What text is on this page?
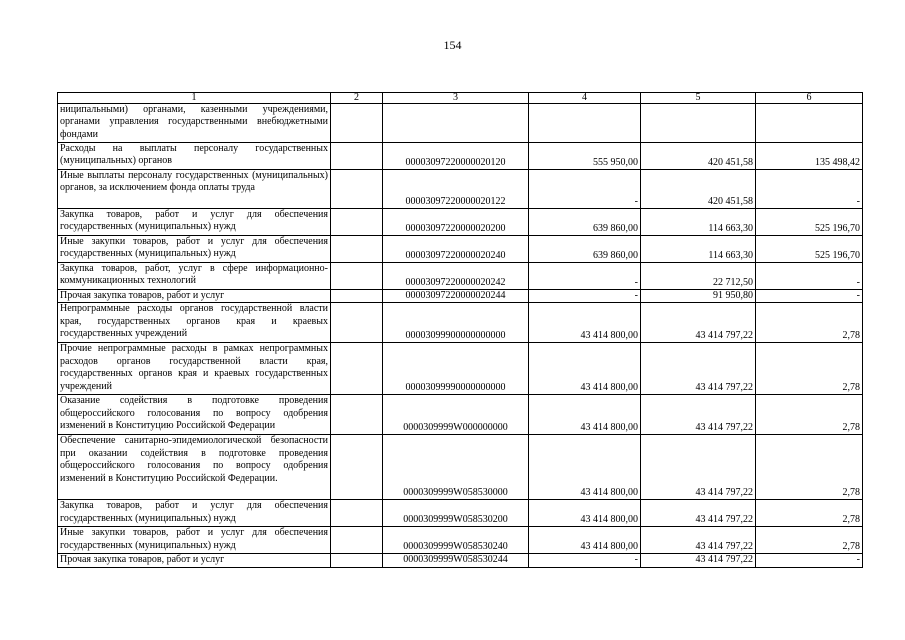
154
1	2	3	4	5	6
ниципальными) органами, казенными учреждениями, органами управления государственными внебюджетными фондами					
Расходы на выплаты персоналу государственных (муниципальных) органов		00003097220000020120	555 950,00	420 451,58	135 498,42
Иные выплаты персоналу государственных (муниципальных) органов, за исключением фонда оплаты труда		00003097220000020122	-	420 451,58	-
Закупка товаров, работ и услуг для обеспечения государственных (муниципальных) нужд		00003097220000020200	639 860,00	114 663,30	525 196,70
Иные закупки товаров, работ и услуг для обеспечения государственных (муниципальных) нужд		00003097220000020240	639 860,00	114 663,30	525 196,70
Закупка товаров, работ, услуг в сфере информационно-коммуникационных технологий		00003097220000020242	-	22 712,50	-
Прочая закупка товаров, работ и услуг		00003097220000020244	-	91 950,80	-
Непрограммные расходы органов государственной власти края, государственных органов края и краевых государственных учреждений		00003099900000000000	43 414 800,00	43 414 797,22	2,78
Прочие непрограммные расходы в рамках непрограммных расходов органов государственной власти края, государственных органов края и краевых государственных учреждений		00003099990000000000	43 414 800,00	43 414 797,22	2,78
Оказание содействия в подготовке проведения общероссийского голосования по вопросу одобрения изменений в Конституцию Российской Федерации		0000309999W000000000	43 414 800,00	43 414 797,22	2,78
Обеспечение санитарно-эпидемиологической безопасности при оказании содействия в подготовке проведения общероссийского голосования по вопросу одобрения изменений в Конституцию Российской Федерации.		0000309999W058530000	43 414 800,00	43 414 797,22	2,78
Закупка товаров, работ и услуг для обеспечения государственных (муниципальных) нужд		0000309999W058530200	43 414 800,00	43 414 797,22	2,78
Иные закупки товаров, работ и услуг для обеспечения государственных (муниципальных) нужд		0000309999W058530240	43 414 800,00	43 414 797,22	2,78
Прочая закупка товаров, работ и услуг		0000309999W058530244	-	43 414 797,22	-
